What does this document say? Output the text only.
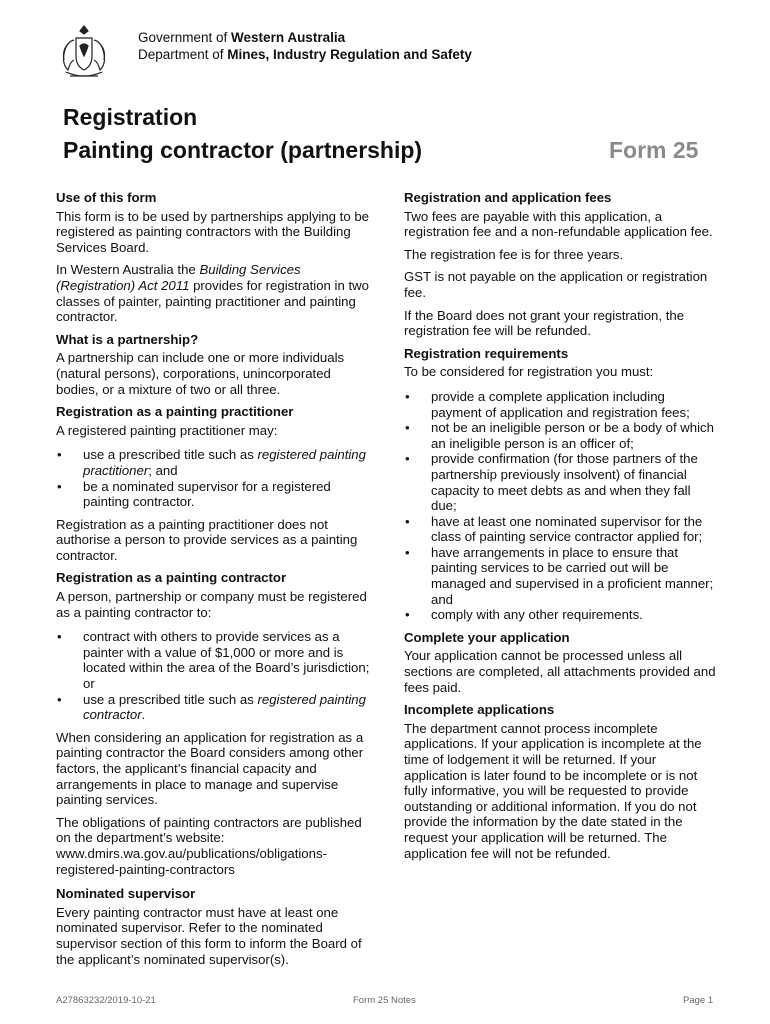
Government of Western Australia
Department of Mines, Industry Regulation and Safety
Registration
Painting contractor (partnership)	Form 25
Use of this form

This form is to be used by partnerships applying to be registered as painting contractors with the Building Services Board.

In Western Australia the Building Services (Registration) Act 2011 provides for registration in two classes of painter, painting practitioner and painting contractor.

What is a partnership?

A partnership can include one or more individuals (natural persons), corporations, unincorporated bodies, or a mixture of two or all three.

Registration as a painting practitioner

A registered painting practitioner may:

• use a prescribed title such as registered painting practitioner; and
• be a nominated supervisor for a registered painting contractor.

Registration as a painting practitioner does not authorise a person to provide services as a painting contractor.

Registration as a painting contractor

A person, partnership or company must be registered as a painting contractor to:

• contract with others to provide services as a painter with a value of $1,000 or more and is located within the area of the Board’s jurisdiction; or
• use a prescribed title such as registered painting contractor.

When considering an application for registration as a painting contractor the Board considers among other factors, the applicant’s financial capacity and arrangements in place to manage and supervise painting services.

The obligations of painting contractors are published on the department’s website: www.dmirs.wa.gov.au/publications/obligations-registered-painting-contractors

Nominated supervisor

Every painting contractor must have at least one nominated supervisor. Refer to the nominated supervisor section of this form to inform the Board of the applicant’s nominated supervisor(s).

Registration and application fees

Two fees are payable with this application, a registration fee and a non-refundable application fee.

The registration fee is for three years.

GST is not payable on the application or registration fee.

If the Board does not grant your registration, the registration fee will be refunded.

Registration requirements

To be considered for registration you must:

• provide a complete application including payment of application and registration fees;
• not be an ineligible person or be a body of which an ineligible person is an officer of;
• provide confirmation (for those partners of the partnership previously insolvent) of financial capacity to meet debts as and when they fall due;
• have at least one nominated supervisor for the class of painting service contractor applied for;
• have arrangements in place to ensure that painting services to be carried out will be managed and supervised in a proficient manner; and
• comply with any other requirements.
Complete your application

Your application cannot be processed unless all sections are completed, all attachments provided and fees paid.

Incomplete applications

The department cannot process incomplete applications. If your application is incomplete at the time of lodgement it will be returned. If your application is later found to be incomplete or is not fully informative, you will be requested to provide outstanding or additional information. If you do not provide the information by the date stated in the request your application will be returned. The application fee will not be refunded.

A27863232/2019-10-21	Form 25 Notes	Page 1
